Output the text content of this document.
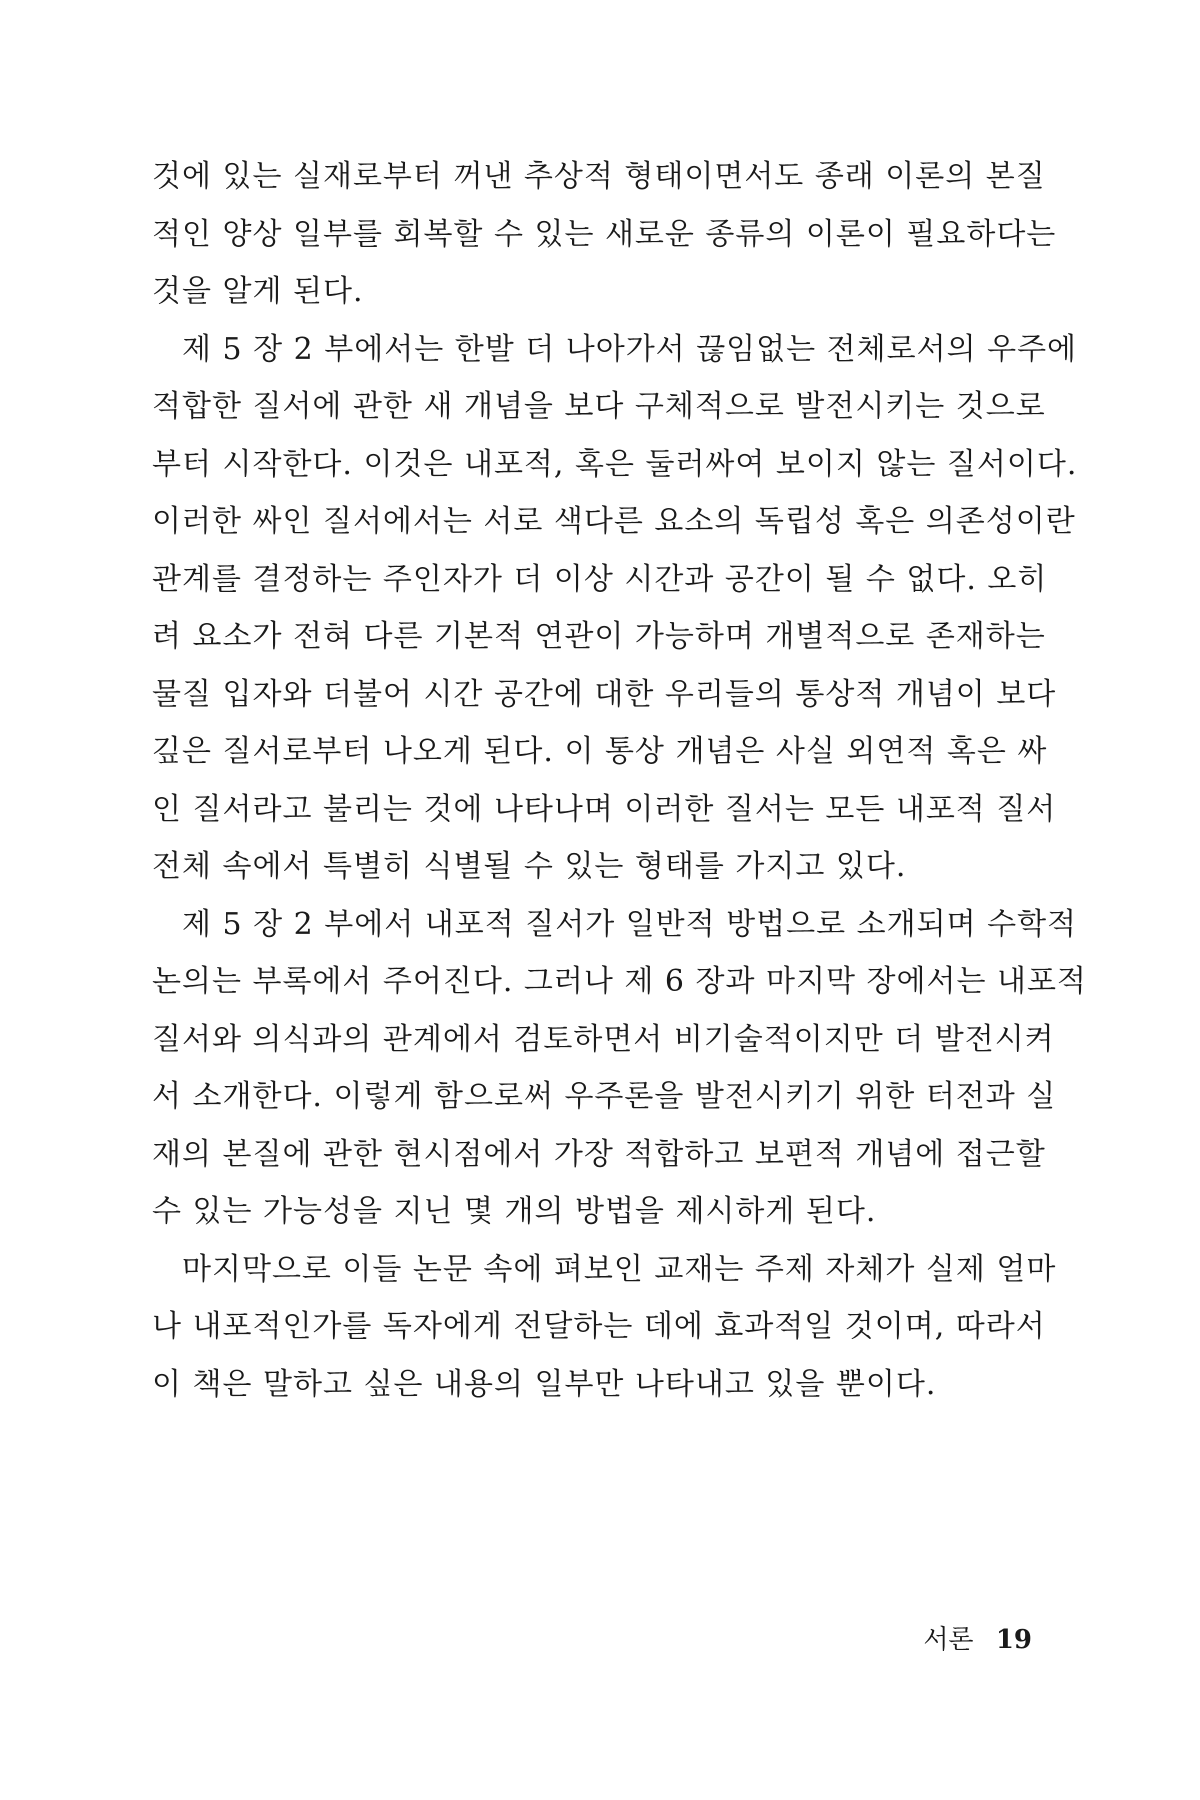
것에 있는 실재로부터 꺼낸 추상적 형태이면서도 종래 이론의 본질
적인 양상 일부를 회복할 수 있는 새로운 종류의 이론이 필요하다는
것을 알게 된다.
제 5 장 2 부에서는 한발 더 나아가서 끊임없는 전체로서의 우주에
적합한 질서에 관한 새 개념을 보다 구체적으로 발전시키는 것으로
부터 시작한다. 이것은 내포적, 혹은 둘러싸여 보이지 않는 질서이다.
이러한 싸인 질서에서는 서로 색다른 요소의 독립성 혹은 의존성이란
관계를 결정하는 주인자가 더 이상 시간과 공간이 될 수 없다. 오히
려 요소가 전혀 다른 기본적 연관이 가능하며 개별적으로 존재하는
물질 입자와 더불어 시간 공간에 대한 우리들의 통상적 개념이 보다
깊은 질서로부터 나오게 된다. 이 통상 개념은 사실 외연적 혹은 싸
인 질서라고 불리는 것에 나타나며 이러한 질서는 모든 내포적 질서
전체 속에서 특별히 식별될 수 있는 형태를 가지고 있다.
제 5 장 2 부에서 내포적 질서가 일반적 방법으로 소개되며 수학적
논의는 부록에서 주어진다. 그러나 제 6 장과 마지막 장에서는 내포적
질서와 의식과의 관계에서 검토하면서 비기술적이지만 더 발전시켜
서 소개한다. 이렇게 함으로써 우주론을 발전시키기 위한 터전과 실
재의 본질에 관한 현시점에서 가장 적합하고 보편적 개념에 접근할
수 있는 가능성을 지닌 몇 개의 방법을 제시하게 된다.
마지막으로 이들 논문 속에 펴보인 교재는 주제 자체가 실제 얼마
나 내포적인가를 독자에게 전달하는 데에 효과적일 것이며, 따라서
이 책은 말하고 싶은 내용의 일부만 나타내고 있을 뿐이다.
서론 19
